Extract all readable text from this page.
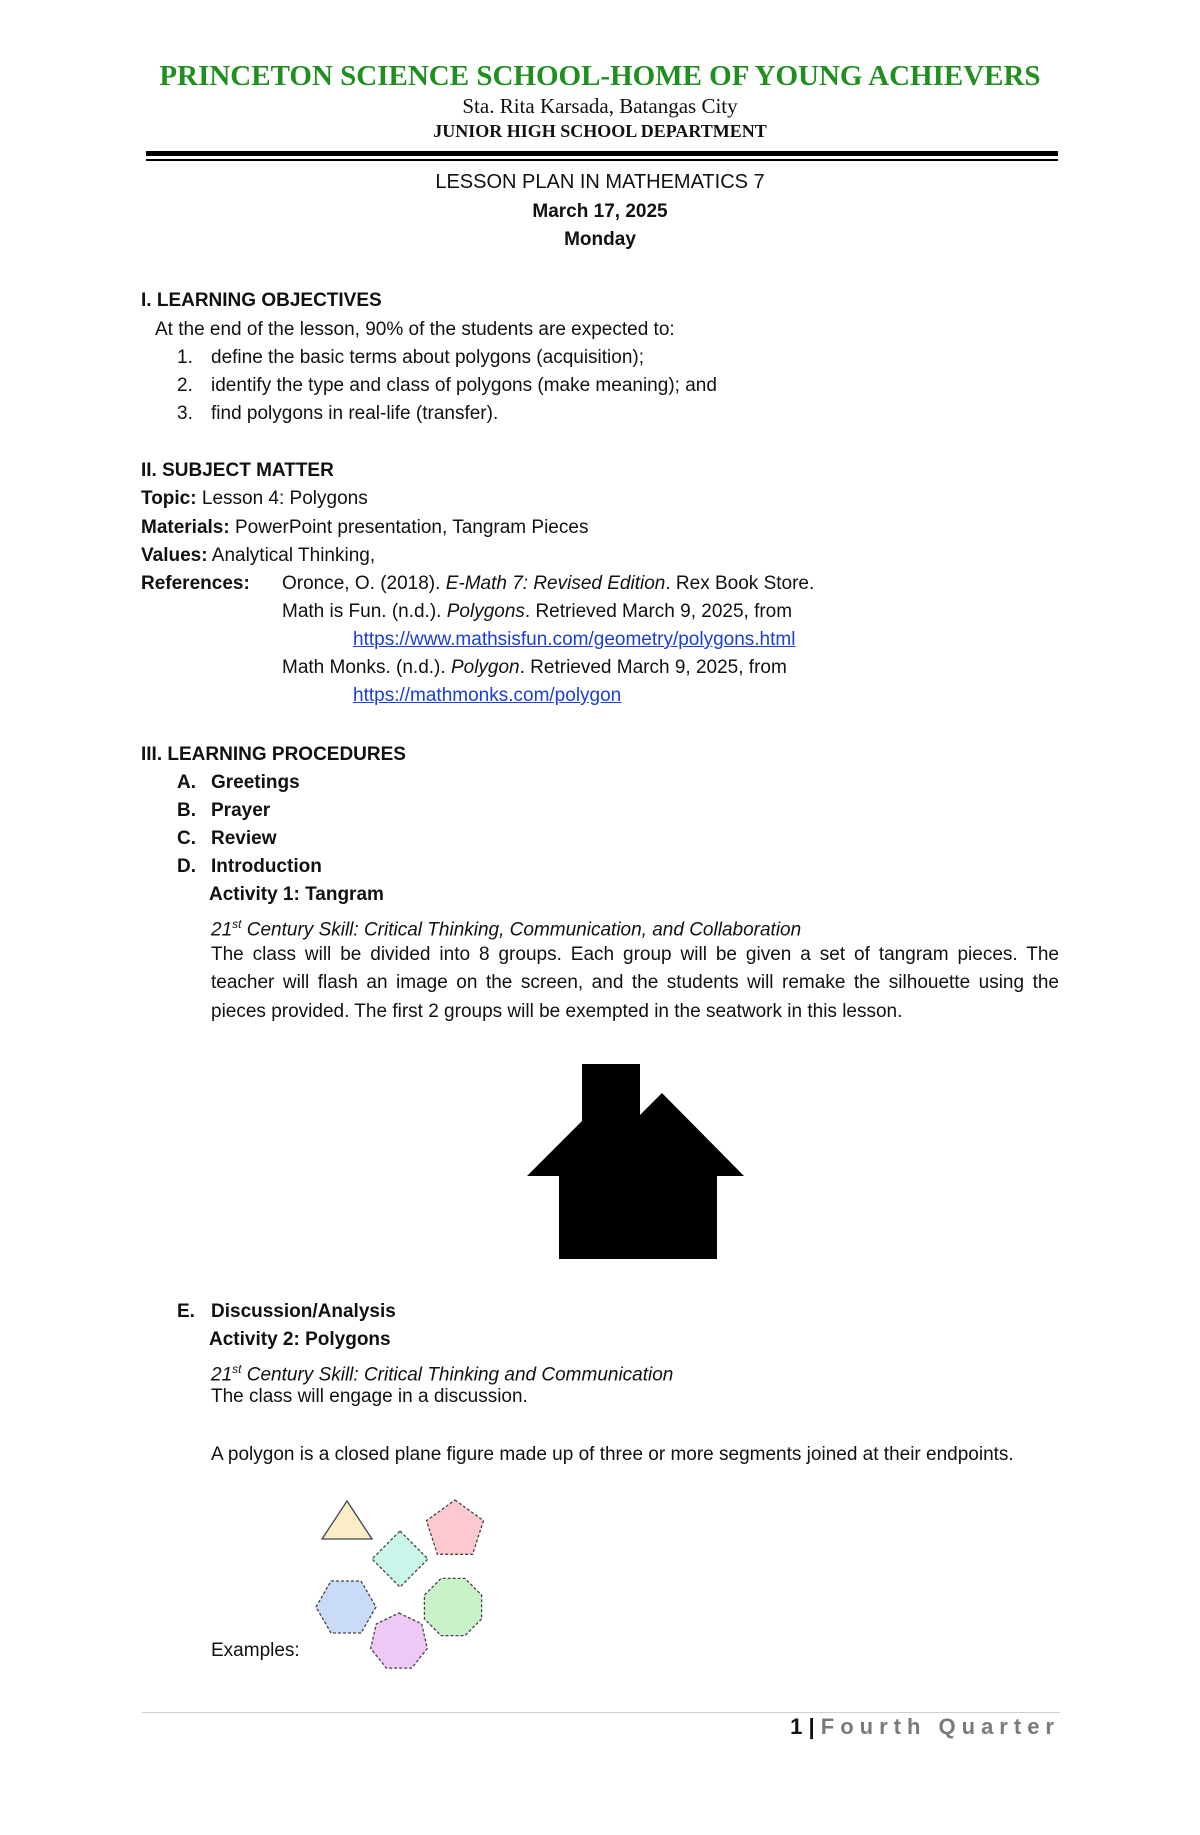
PRINCETON SCIENCE SCHOOL-HOME OF YOUNG ACHIEVERS
Sta. Rita Karsada, Batangas City
JUNIOR HIGH SCHOOL DEPARTMENT
LESSON PLAN IN MATHEMATICS 7
March 17, 2025
Monday
I. LEARNING OBJECTIVES
At the end of the lesson, 90% of the students are expected to:
1. define the basic terms about polygons (acquisition);
2. identify the type and class of polygons (make meaning); and
3. find polygons in real-life (transfer).
II. SUBJECT MATTER
Topic: Lesson 4: Polygons
Materials: PowerPoint presentation, Tangram Pieces
Values: Analytical Thinking,
References: Oronce, O. (2018). E-Math 7: Revised Edition. Rex Book Store.
Math is Fun. (n.d.). Polygons. Retrieved March 9, 2025, from
https://www.mathsisfun.com/geometry/polygons.html
Math Monks. (n.d.). Polygon. Retrieved March 9, 2025, from
https://mathmonks.com/polygon
III. LEARNING PROCEDURES
A. Greetings
B. Prayer
C. Review
D. Introduction
Activity 1: Tangram
21st Century Skill: Critical Thinking, Communication, and Collaboration
The class will be divided into 8 groups. Each group will be given a set of tangram pieces. The teacher will flash an image on the screen, and the students will remake the silhouette using the pieces provided. The first 2 groups will be exempted in the seatwork in this lesson.
E. Discussion/Analysis
Activity 2: Polygons
21st Century Skill: Critical Thinking and Communication
The class will engage in a discussion.
A polygon is a closed plane figure made up of three or more segments joined at their endpoints.
Examples:
1 | Fourth Quarter
